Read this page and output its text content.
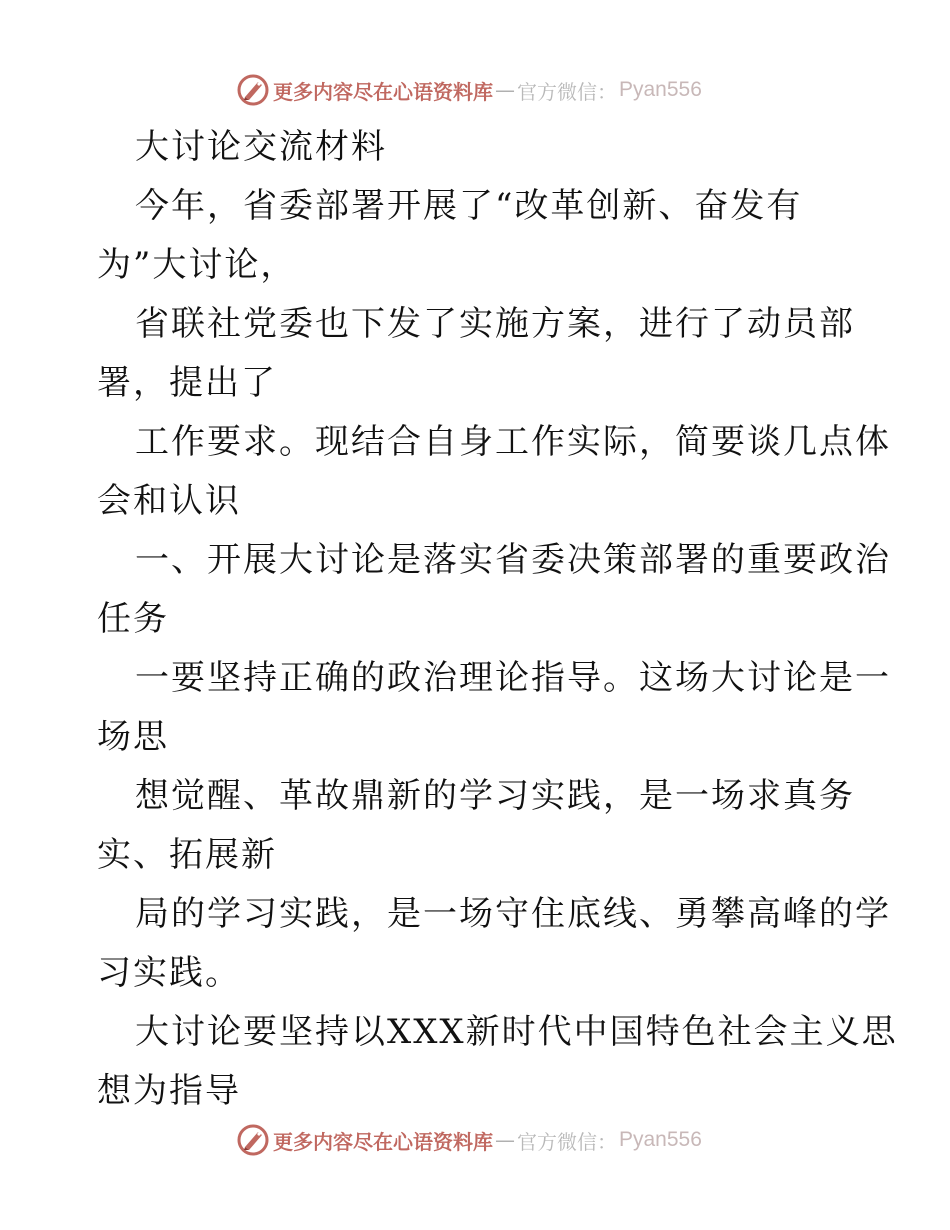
更多内容尽在心语资料库 — 官方微信 ： Pyan556
大讨论交流材料
今年，省委部署开展了“改革创新、奋发有
为”大讨论，
省联社党委也下发了实施方案，进行了动员部
署，提出了
工作要求。现结合自身工作实际，简要谈几点体
会和认识
一、开展大讨论是落实省委决策部署的重要政治
任务
一要坚持正确的政治理论指导。这场大讨论是一
场思
想觉醒、革故鼎新的学习实践，是一场求真务
实、拓展新
局的学习实践，是一场守住底线、勇攀高峰的学
习实践。
大讨论要坚持以XXX新时代中国特色社会主义思
想为指导
更多内容尽在心语资料库 — 官方微信 ： Pyan556
